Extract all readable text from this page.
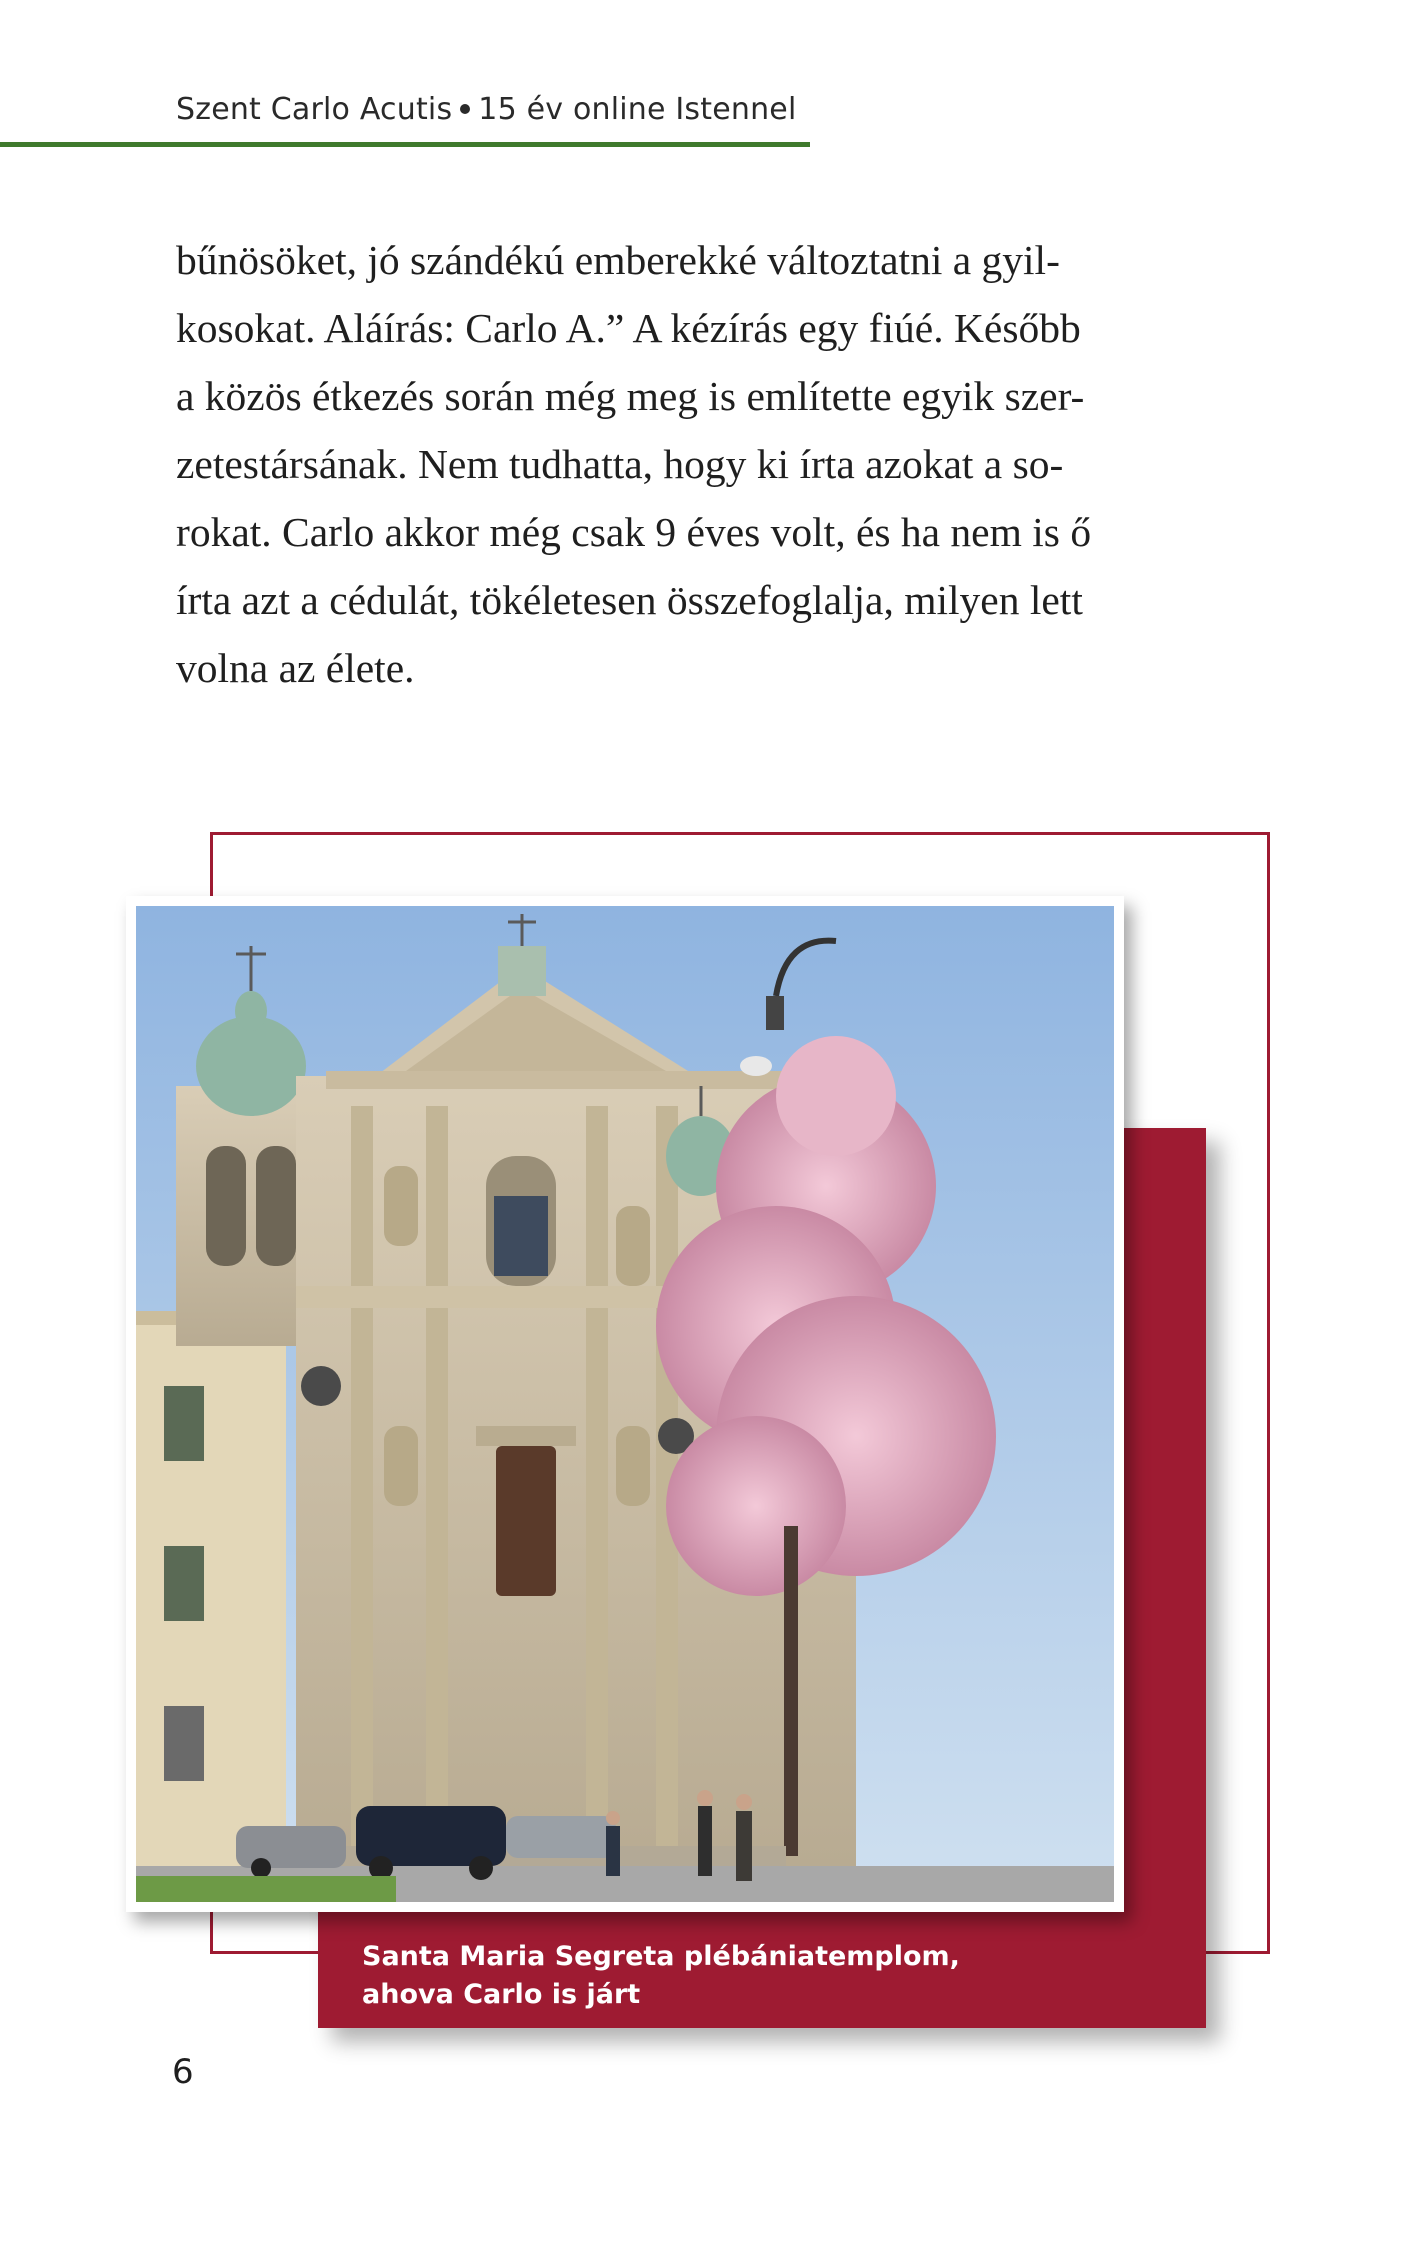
Szent Carlo Acutis 15 év online Istennel
bűnösöket, jó szándékú emberekké változtatni a gyil-
kosokat. Aláírás: Carlo A.” A kézírás egy fiúé. Később
a közös étkezés során még meg is említette egyik szer-
zetestársának. Nem tudhatta, hogy ki írta azokat a so-
rokat. Carlo akkor még csak 9 éves volt, és ha nem is ő
írta azt a cédulát, tökéletesen összefoglalja, milyen lett
volna az élete.
Santa Maria Segreta plébániatemplom,
ahova Carlo is járt
6
